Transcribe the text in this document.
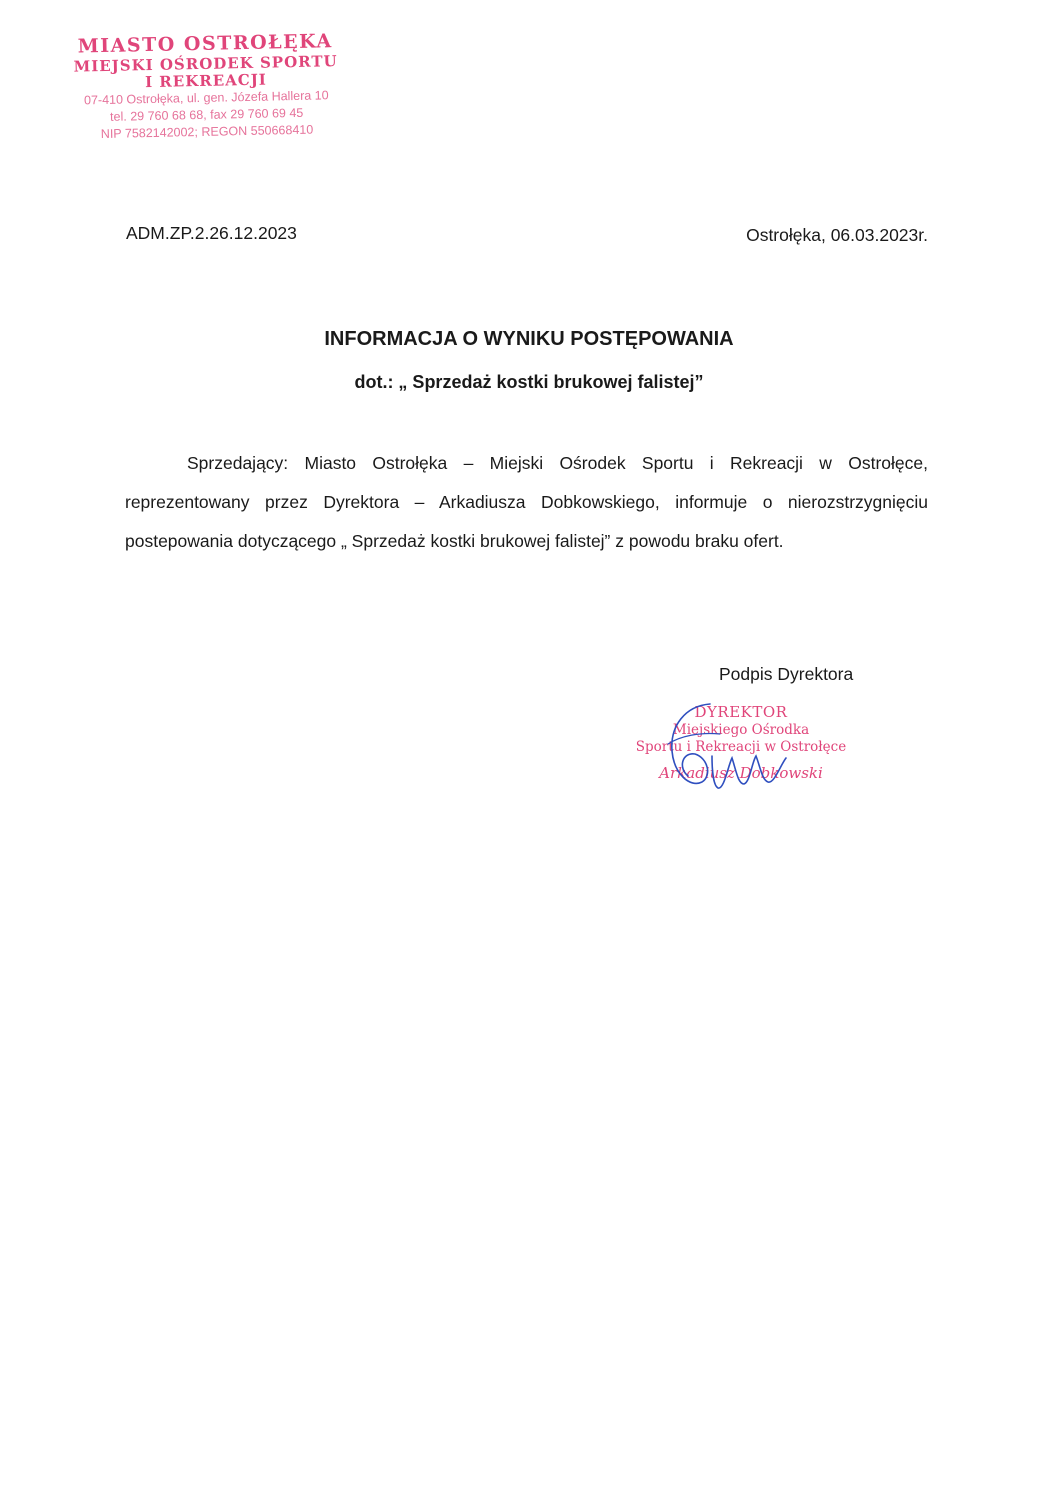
MIASTO OSTROŁĘKA
MIEJSKI OŚRODEK SPORTU
I REKREACJI
07-410 Ostrołęka, ul. gen. Józefa Hallera 10
tel. 29 760 68 68, fax 29 760 69 45
NIP 7582142002; REGON 550668410
ADM.ZP.2.26.12.2023	Ostrołęka, 06.03.2023r.
INFORMACJA O WYNIKU POSTĘPOWANIA
dot.: „ Sprzedaż kostki brukowej falistej”
Sprzedający: Miasto Ostrołęka – Miejski Ośrodek Sportu i Rekreacji w Ostrołęce, reprezentowany przez Dyrektora – Arkadiusza Dobkowskiego, informuje o nierozstrzygnięciu postepowania dotyczącego „ Sprzedaż kostki brukowej falistej” z powodu braku ofert.
Podpis Dyrektora
DYREKTOR
Miejskiego Ośrodka
Sportu i Rekreacji w Ostrołęce
Arkadiusz Dobkowski
